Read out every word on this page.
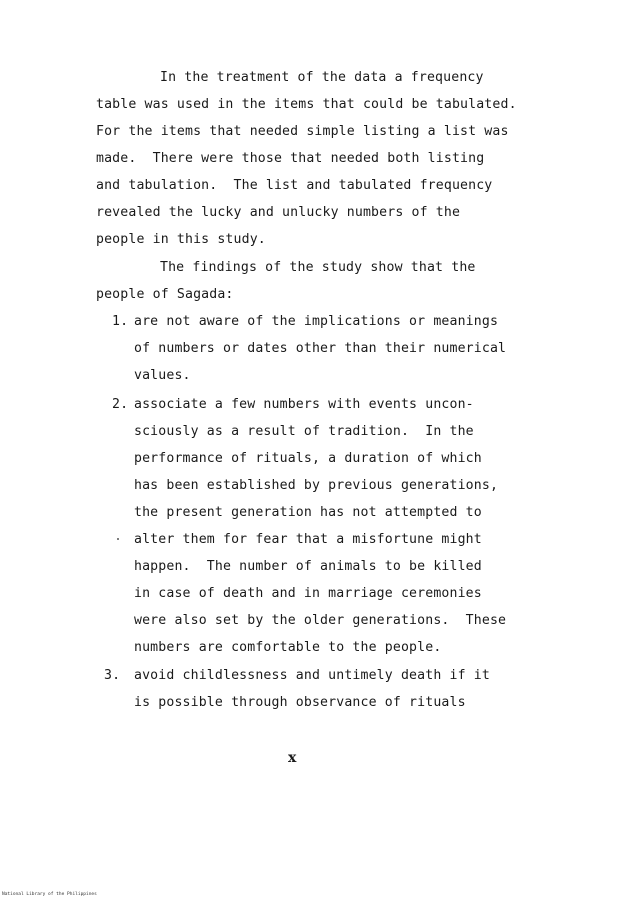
In the treatment of the data a frequency
table was used in the items that could be tabulated.
For the items that needed simple listing a list was
made.  There were those that needed both listing
and tabulation.  The list and tabulated frequency
revealed the lucky and unlucky numbers of the
people in this study.
The findings of the study show that the
people of Sagada:
1. are not aware of the implications or meanings
of numbers or dates other than their numerical
values.
2. associate a few numbers with events uncon-
sciously as a result of tradition.  In the
performance of rituals, a duration of which
has been established by previous generations,
the present generation has not attempted to
alter them for fear that a misfortune might
happen.  The number of animals to be killed
in case of death and in marriage ceremonies
were also set by the older generations.  These
numbers are comfortable to the people.
3. avoid childlessness and untimely death if it
is possible through observance of rituals
x
National Library of the Philippines
